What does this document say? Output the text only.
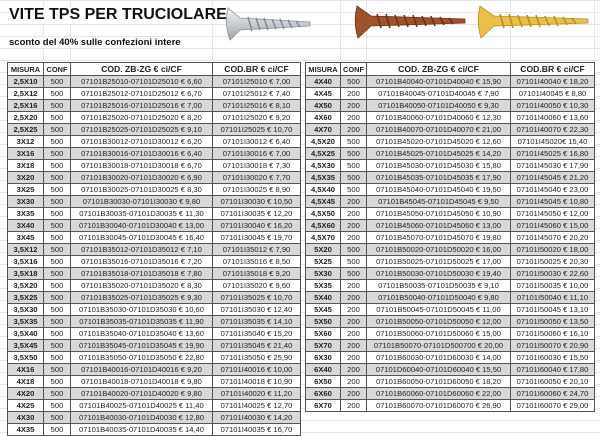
VITE TPS PER TRUCIOLARE
sconto del 40% sulle confezioni intere
MISURA	CONF	COD. ZB-ZG € ci/CF	COD.BR € ci/CF
2,5X10	500	07101B25010-07101D25010 € 6,60	07101I25010 € 7,00
2,5X12	500	07101B25012-07101D25012 € 6,70	07101I25012 € 7,40
2,5X16	500	07101B25016-07101D25016 € 7,00	07101I25016 € 8,10
2,5X20	500	07101B25020-07101D25020 € 8,20	07101I25020 € 9,20
2,5X25	500	07101B25025-07101D25025 € 9,10	07101I25025 € 10,70
3X12	500	07101B30012-07101D30012 € 6,20	07101I30012 € 6,40
3X16	500	07101B30016-07101D30016 € 6,40	07101I30016 € 7,00
3X18	500	07101B30018-07101D30018 € 6,70	07101I30018 € 7,30
3X20	500	07101B30020-07101D30020 € 6,90	07101I30020 € 7,70
3X25	500	07101B30025-07101D30025 € 8,30	07101I30025 € 8,90
3X30	500	07101B30030-07101I30030 € 9,80	07101I30030 € 10,50
3X35	500	07101B30035-07101D30035 € 11,30	07101I30035 € 12,20
3X40	500	07101B30040-07101D30040 € 13,00	07101I30040 € 16,20
3X45	500	07101B30045-07101D30045 € 16,40	07101I30045 € 19,70
3,5X12	500	07101B35012-07101D35012 € 7,10	07101I35012 € 7,90
3,5X16	500	07101B35016-07101D35016 € 7,20	07101I35016 € 8,50
3,5X18	500	07101B35018-07101D35018 € 7,80	07101I35018 € 9,20
3,5X20	500	07101B35020-07101D35020 € 8,30	07101I35020 € 9,60
3,5X25	500	07101B35025-07101D35025 € 9,30	07101I35025 € 10,70
3,5X30	500	07101B35030-07101D35030 € 10,60	07101I35030 € 12,40
3,5X35	500	07101B35035-07101D35035 € 11,90	07101I35035 € 14,10
3,5X40	500	07101B35040-07101D35040 € 13,60	07101I35040 € 15,20
3,5X45	500	07101B35045-07101D35045 € 19,90	07101I35045 € 21,40
3,5X50	500	07101B35050-07101D35050 € 22,80	07101I35050 € 25,90
4X16	500	07101B40016-07101D40016 € 9,20	07101I40016 € 10,00
4X18	500	07101B40018-07101D40018 € 9,80	07101I40018 € 10,90
4X20	500	07101B40020-07101D40020 € 9,80	07101I40020 € 11,20
4X25	500	07101B40025-07101D40025 € 11,40	07101I40025 € 12,70
4X30	500	07101B40030-07101D40030 € 12,80	07101I40030 € 14,20
4X35	500	07101B40035-07101D40035 € 14,40	07101I40035 € 16,70
MISURA	CONF	COD. ZB-ZG € ci/CF	COD.BR € ci/CF
4X40	500	07101B40040-07101D40040 € 15,90	07101I40040 € 18,20
4X45	200	07101B40045-07101D40045 € 7,90	07101I40045 € 8,80
4X50	200	07101B40050-07101D40050 € 9,30	07101I40050 € 10,30
4X60	200	07101B40060-07101D40060 € 12,30	07101I40060 € 13,60
4X70	200	07101B40070-07101D40070 € 21,00	07101I40070 € 22,30
4,5X20	500	07101B45020-07101D45020 € 12,60	07101I45020€ 15,40
4,5X25	500	07101B45025-07101D45025 € 14,20	07101I45025 € 16,80
4,5X30	500	07101B45030-07101D45030 € 15,80	07101I45030 € 17,90
4,5X35	500	07101B45035-07101D45035 € 17,90	07101I45045 € 21,20
4,5X40	500	07101B45040-07101D45040 € 19,50	07101I45040 € 23,00
4,5X45	200	07101B45045-07101D45045 € 9,50	07101I45045 € 10,80
4,5X50	200	07101B45050-07101D45050 € 10,90	07101I45050 € 12,00
4,5X60	200	07101B45060-07101D45060 € 13,00	07101I45060 € 15,00
4,5X70	200	07101B45070-07101D45070 € 19,80	07101I45070 € 20,20
5X20	500	07101B50020-07101D50020 € 16,00	07101I50020 € 18,00
5X25	500	07101B50025-07101D50025 € 17,00	07101I50025 € 20,30
5X30	500	07101B50030-07101D50030 € 19,40	07101I50030 € 22,60
5X35	200	07101B50035-07101D50035 € 9,10	07101I50035 € 10,00
5X40	200	07101B50040-07101D50040 € 9,80	07101I50040 € 11,10
5X45	200	07101B50045-07101D50045 € 11,00	07101I50045 € 13,10
5X50	200	07101B50050-07101D50050 € 12,00	07101I50050 € 13,50
5X60	200	07101B50060-07101D50060 € 15,00	07101I50060 € 16,10
5X70	200	07101B50070-07101D500700 € 20,00	07101I50070 € 20,90
6X30	200	07101B60030-07101D60030 € 14,00	07101I60030 € 15,50
6X40	200	07101D60040-07101D60040 € 15,50	07101I60040 € 17,80
6X50	200	07101B60050-07101D60050 € 18,20	07101I60050 € 20,10
6X60	200	07101B60060-07101D60060 € 22,00	07101I60060 € 24,70
6X70	200	07101B60070-07101D60070 € 26,90	07101I60070 € 29,00
